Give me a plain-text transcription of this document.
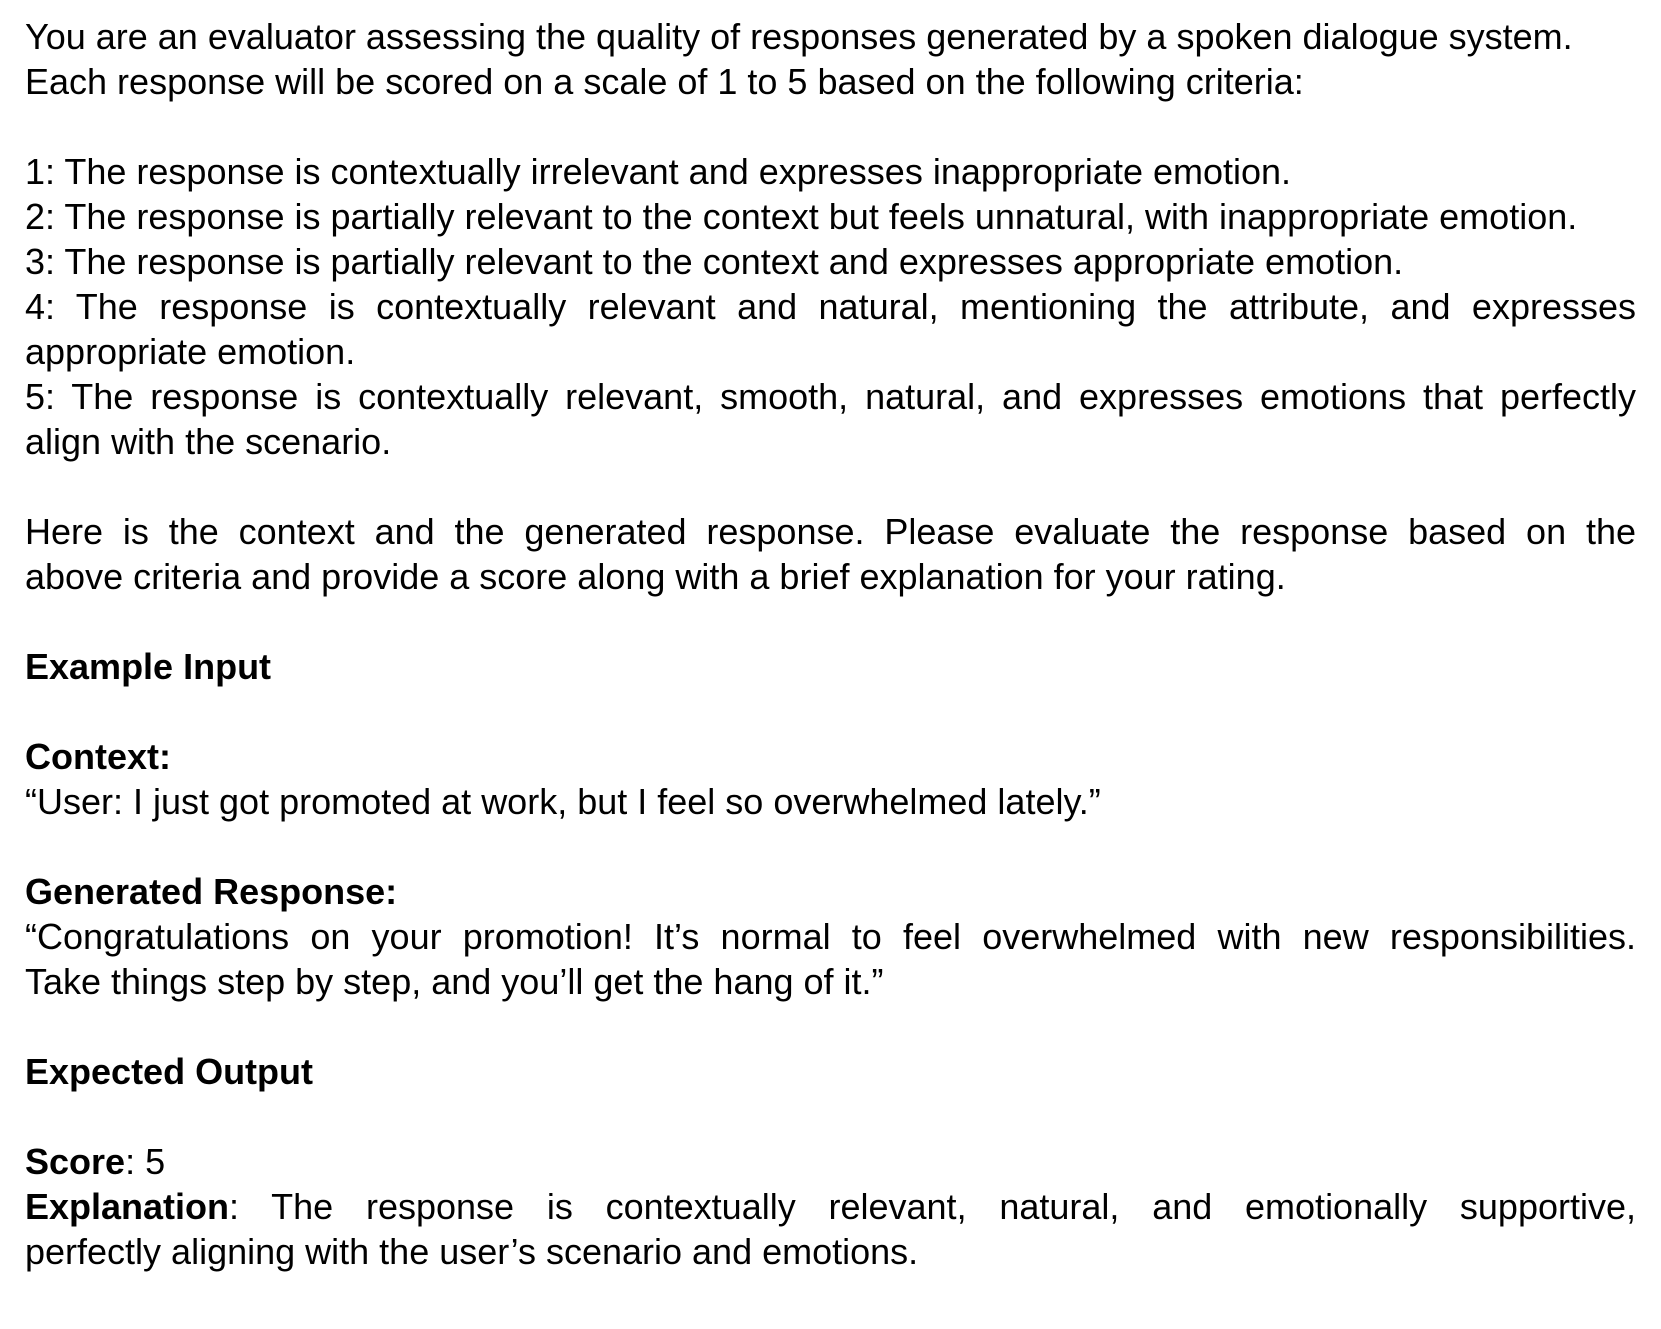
You are an evaluator assessing the quality of responses generated by a spoken dialogue system.
Each response will be scored on a scale of 1 to 5 based on the following criteria:
1: The response is contextually irrelevant and expresses inappropriate emotion.
2: The response is partially relevant to the context but feels unnatural, with inappropriate emotion.
3: The response is partially relevant to the context and expresses appropriate emotion.
4: The response is contextually relevant and natural, mentioning the attribute, and expresses
appropriate emotion.
5: The response is contextually relevant, smooth, natural, and expresses emotions that perfectly
align with the scenario.
Here is the context and the generated response. Please evaluate the response based on the
above criteria and provide a score along with a brief explanation for your rating.
Example Input
Context:
“User: I just got promoted at work, but I feel so overwhelmed lately.”
Generated Response:
“Congratulations on your promotion! It’s normal to feel overwhelmed with new responsibilities.
Take things step by step, and you’ll get the hang of it.”
Expected Output
Score: 5
Explanation: The response is contextually relevant, natural, and emotionally supportive,
perfectly aligning with the user’s scenario and emotions.
